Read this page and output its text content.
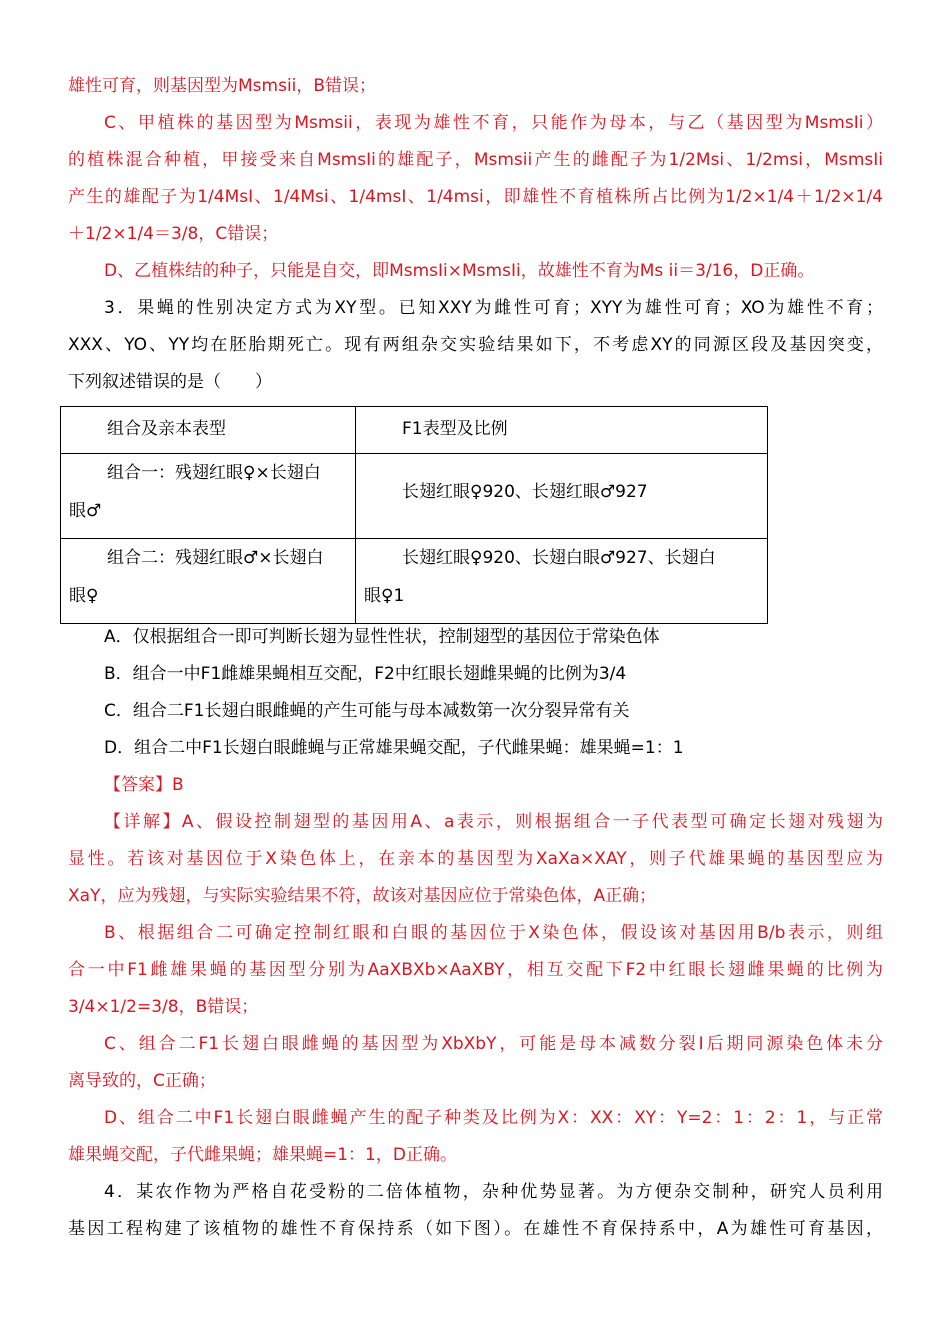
雄性可育，则基因型为Msmsii，B错误；
C、甲植株的基因型为Msmsii，表现为雄性不育，只能作为母本，与乙（基因型为MsmsIi）
的植株混合种植，甲接受来自MsmsIi的雄配子，Msmsii产生的雌配子为1/2Msi、1/2msi，MsmsIi
产生的雄配子为1/4MsI、1/4Msi、1/4msI、1/4msi，即雄性不育植株所占比例为1/2×1/4＋1/2×1/4
＋1/2×1/4＝3/8，C错误；
D、乙植株结的种子，只能是自交，即MsmsIi×MsmsIi，故雄性不育为Ms ii＝3/16，D正确。
3．果蝇的性别决定方式为XY型。已知XXY为雌性可育；XYY为雄性可育；XO为雄性不育；
XXX、YO、YY均在胚胎期死亡。现有两组杂交实验结果如下，不考虑XY的同源区段及基因突变，
下列叙述错误的是（　　）
组合及亲本表型	F1表型及比例

组合一：残翅红眼♀×长翅白
眼♂	长翅红眼♀920、长翅红眼♂927

组合二：残翅红眼♂×长翅白
眼♀	长翅红眼♀920、长翅白眼♂927、长翅白
眼♀1
A．仅根据组合一即可判断长翅为显性性状，控制翅型的基因位于常染色体
B．组合一中F1雌雄果蝇相互交配，F2中红眼长翅雌果蝇的比例为3/4
C．组合二F1长翅白眼雌蝇的产生可能与母本减数第一次分裂异常有关
D．组合二中F1长翅白眼雌蝇与正常雄果蝇交配，子代雌果蝇：雄果蝇=1：1
【答案】B
【详解】A、假设控制翅型的基因用A、a表示，则根据组合一子代表型可确定长翅对残翅为
显性。若该对基因位于X染色体上，在亲本的基因型为XaXa×XAY，则子代雄果蝇的基因型应为
XaY，应为残翅，与实际实验结果不符，故该对基因应位于常染色体，A正确；
B、根据组合二可确定控制红眼和白眼的基因位于X染色体，假设该对基因用B/b表示，则组
合一中F1雌雄果蝇的基因型分别为AaXBXb×AaXBY，相互交配下F2中红眼长翅雌果蝇的比例为
3/4×1/2=3/8，B错误；
C、组合二F1长翅白眼雌蝇的基因型为XbXbY，可能是母本减数分裂Ⅰ后期同源染色体未分
离导致的，C正确；
D、组合二中F1长翅白眼雌蝇产生的配子种类及比例为X：XX：XY：Y=2：1：2：1，与正常
雄果蝇交配，子代雌果蝇；雄果蝇=1：1，D正确。
4．某农作物为严格自花受粉的二倍体植物，杂种优势显著。为方便杂交制种，研究人员利用
基因工程构建了该植物的雄性不育保持系（如下图）。在雄性不育保持系中，A为雄性可育基因，
